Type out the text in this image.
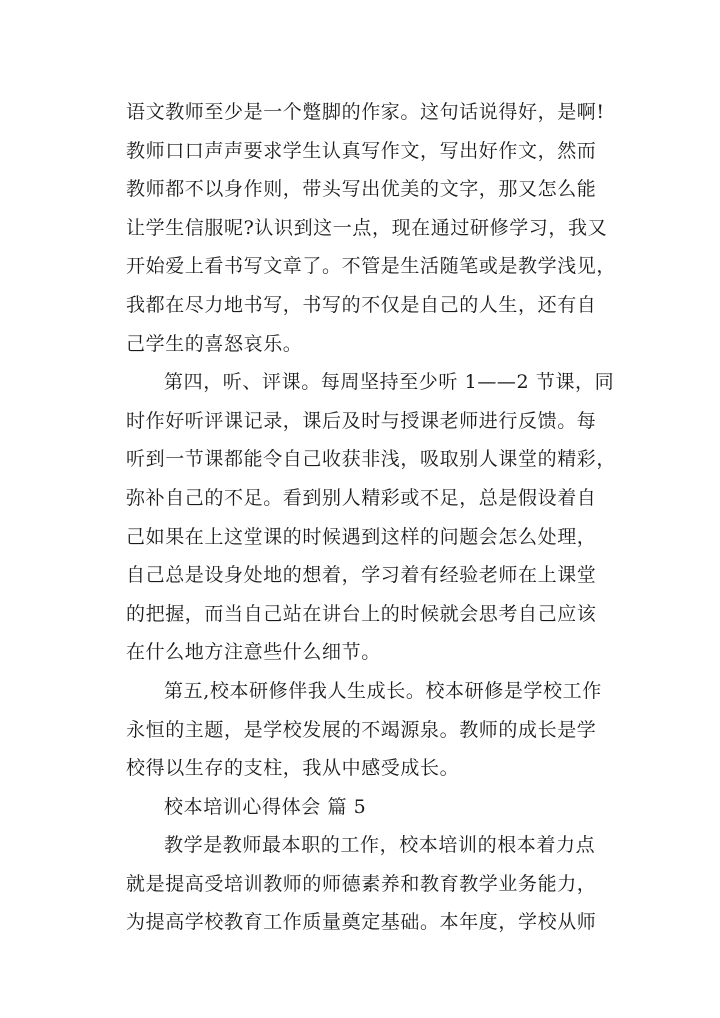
语文教师至少是一个蹩脚的作家。这句话说得好，是啊!
教师口口声声要求学生认真写作文，写出好作文，然而
教师都不以身作则，带头写出优美的文字，那又怎么能
让学生信服呢?认识到这一点，现在通过研修学习，我又
开始爱上看书写文章了。不管是生活随笔或是教学浅见，
我都在尽力地书写，书写的不仅是自己的人生，还有自
己学生的喜怒哀乐。

第四，听、评课。每周坚持至少听 1——2 节课，同
时作好听评课记录，课后及时与授课老师进行反馈。每
听到一节课都能令自己收获非浅，吸取别人课堂的精彩，
弥补自己的不足。看到别人精彩或不足，总是假设着自
己如果在上这堂课的时候遇到这样的问题会怎么处理，
自己总是设身处地的想着，学习着有经验老师在上课堂
的把握，而当自己站在讲台上的时候就会思考自己应该
在什么地方注意些什么细节。

第五,校本研修伴我人生成长。校本研修是学校工作
永恒的主题，是学校发展的不竭源泉。教师的成长是学
校得以生存的支柱，我从中感受成长。

校本培训心得体会 篇 5

教学是教师最本职的工作，校本培训的根本着力点
就是提高受培训教师的师德素养和教育教学业务能力，
为提高学校教育工作质量奠定基础。本年度，学校从师
